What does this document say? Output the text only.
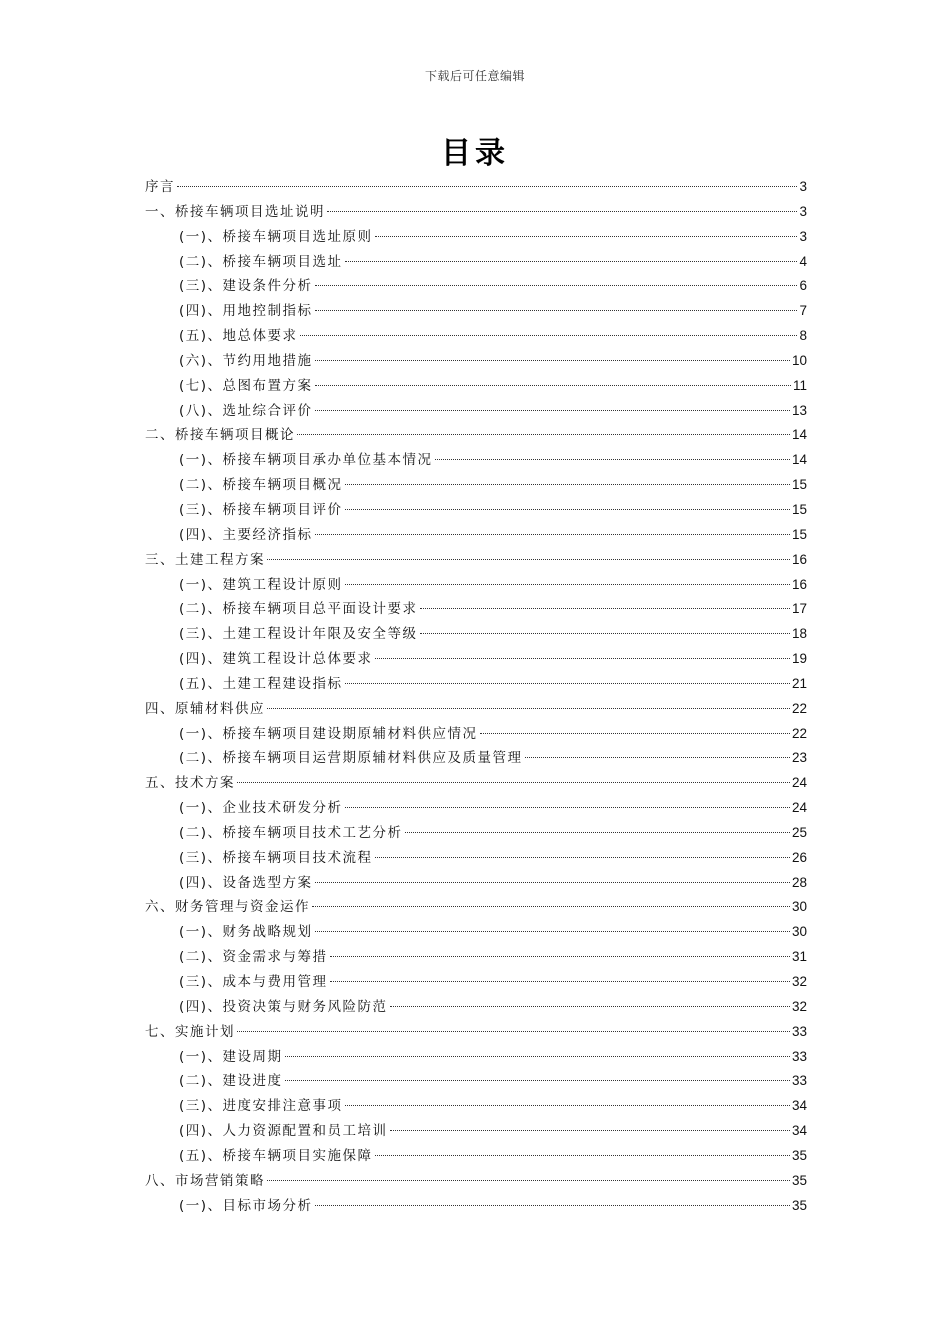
下载后可任意编辑
目录
序言	3
一、桥接车辆项目选址说明	3
(一)、桥接车辆项目选址原则	3
(二)、桥接车辆项目选址	4
(三)、建设条件分析	6
(四)、用地控制指标	7
(五)、地总体要求	8
(六)、节约用地措施	10
(七)、总图布置方案	11
(八)、选址综合评价	13
二、桥接车辆项目概论	14
(一)、桥接车辆项目承办单位基本情况	14
(二)、桥接车辆项目概况	15
(三)、桥接车辆项目评价	15
(四)、主要经济指标	15
三、土建工程方案	16
(一)、建筑工程设计原则	16
(二)、桥接车辆项目总平面设计要求	17
(三)、土建工程设计年限及安全等级	18
(四)、建筑工程设计总体要求	19
(五)、土建工程建设指标	21
四、原辅材料供应	22
(一)、桥接车辆项目建设期原辅材料供应情况	22
(二)、桥接车辆项目运营期原辅材料供应及质量管理	23
五、技术方案	24
(一)、企业技术研发分析	24
(二)、桥接车辆项目技术工艺分析	25
(三)、桥接车辆项目技术流程	26
(四)、设备选型方案	28
六、财务管理与资金运作	30
(一)、财务战略规划	30
(二)、资金需求与筹措	31
(三)、成本与费用管理	32
(四)、投资决策与财务风险防范	32
七、实施计划	33
(一)、建设周期	33
(二)、建设进度	33
(三)、进度安排注意事项	34
(四)、人力资源配置和员工培训	34
(五)、桥接车辆项目实施保障	35
八、市场营销策略	35
(一)、目标市场分析	35
